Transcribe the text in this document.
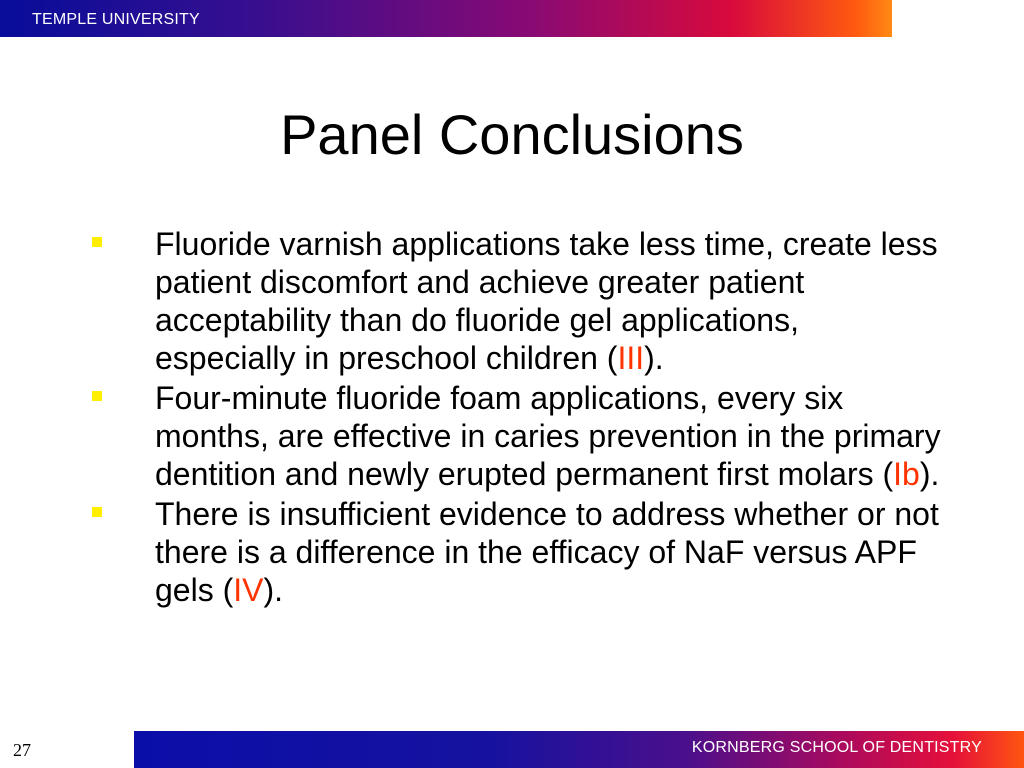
TEMPLE UNIVERSITY
Panel Conclusions
Fluoride varnish applications take less time, create less patient discomfort and achieve greater patient acceptability than do fluoride gel applications, especially in preschool children (III).
Four-minute fluoride foam applications, every six months, are effective in caries prevention in the primary dentition and newly erupted permanent first molars (Ib).
There is insufficient evidence to address whether or not there is a difference in the efficacy of NaF versus APF gels (IV).
27	KORNBERG SCHOOL OF DENTISTRY
